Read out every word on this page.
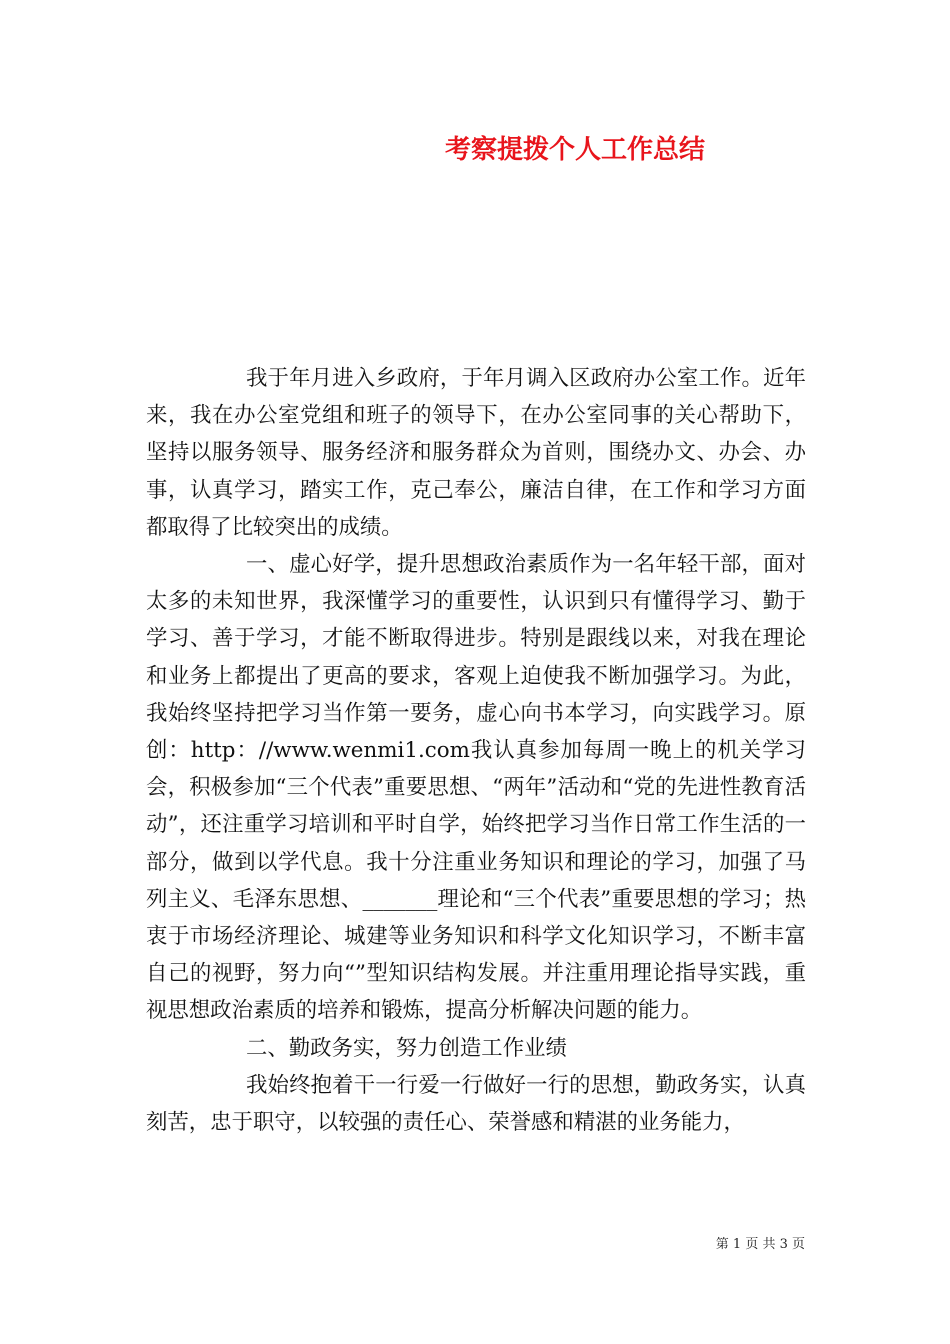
考察提拨个人工作总结

我于年月进入乡政府，于年月调入区政府办公室工作。近年来，我在办公室党组和班子的领导下，在办公室同事的关心帮助下，坚持以服务领导、服务经济和服务群众为首则，围绕办文、办会、办事，认真学习，踏实工作，克己奉公，廉洁自律，在工作和学习方面都取得了比较突出的成绩。

一、虚心好学，提升思想政治素质作为一名年轻干部，面对太多的未知世界，我深懂学习的重要性，认识到只有懂得学习、勤于学习、善于学习，才能不断取得进步。特别是跟线以来，对我在理论和业务上都提出了更高的要求，客观上迫使我不断加强学习。为此，我始终坚持把学习当作第一要务，虚心向书本学习，向实践学习。原创：http：//www.wenmi1.com我认真参加每周一晚上的机关学习会，积极参加“三个代表”重要思想、“两年”活动和“党的先进性教育活动”，还注重学习培训和平时自学，始终把学习当作日常工作生活的一部分，做到以学代息。我十分注重业务知识和理论的学习，加强了马列主义、毛泽东思想、_______理论和“三个代表”重要思想的学习；热衷于市场经济理论、城建等业务知识和科学文化知识学习，不断丰富自己的视野，努力向“”型知识结构发展。并注重用理论指导实践，重视思想政治素质的培养和锻炼，提高分析解决问题的能力。

二、勤政务实，努力创造工作业绩

我始终抱着干一行爱一行做好一行的思想，勤政务实，认真刻苦，忠于职守，以较强的责任心、荣誉感和精湛的业务能力，

第 1 页 共 3 页
